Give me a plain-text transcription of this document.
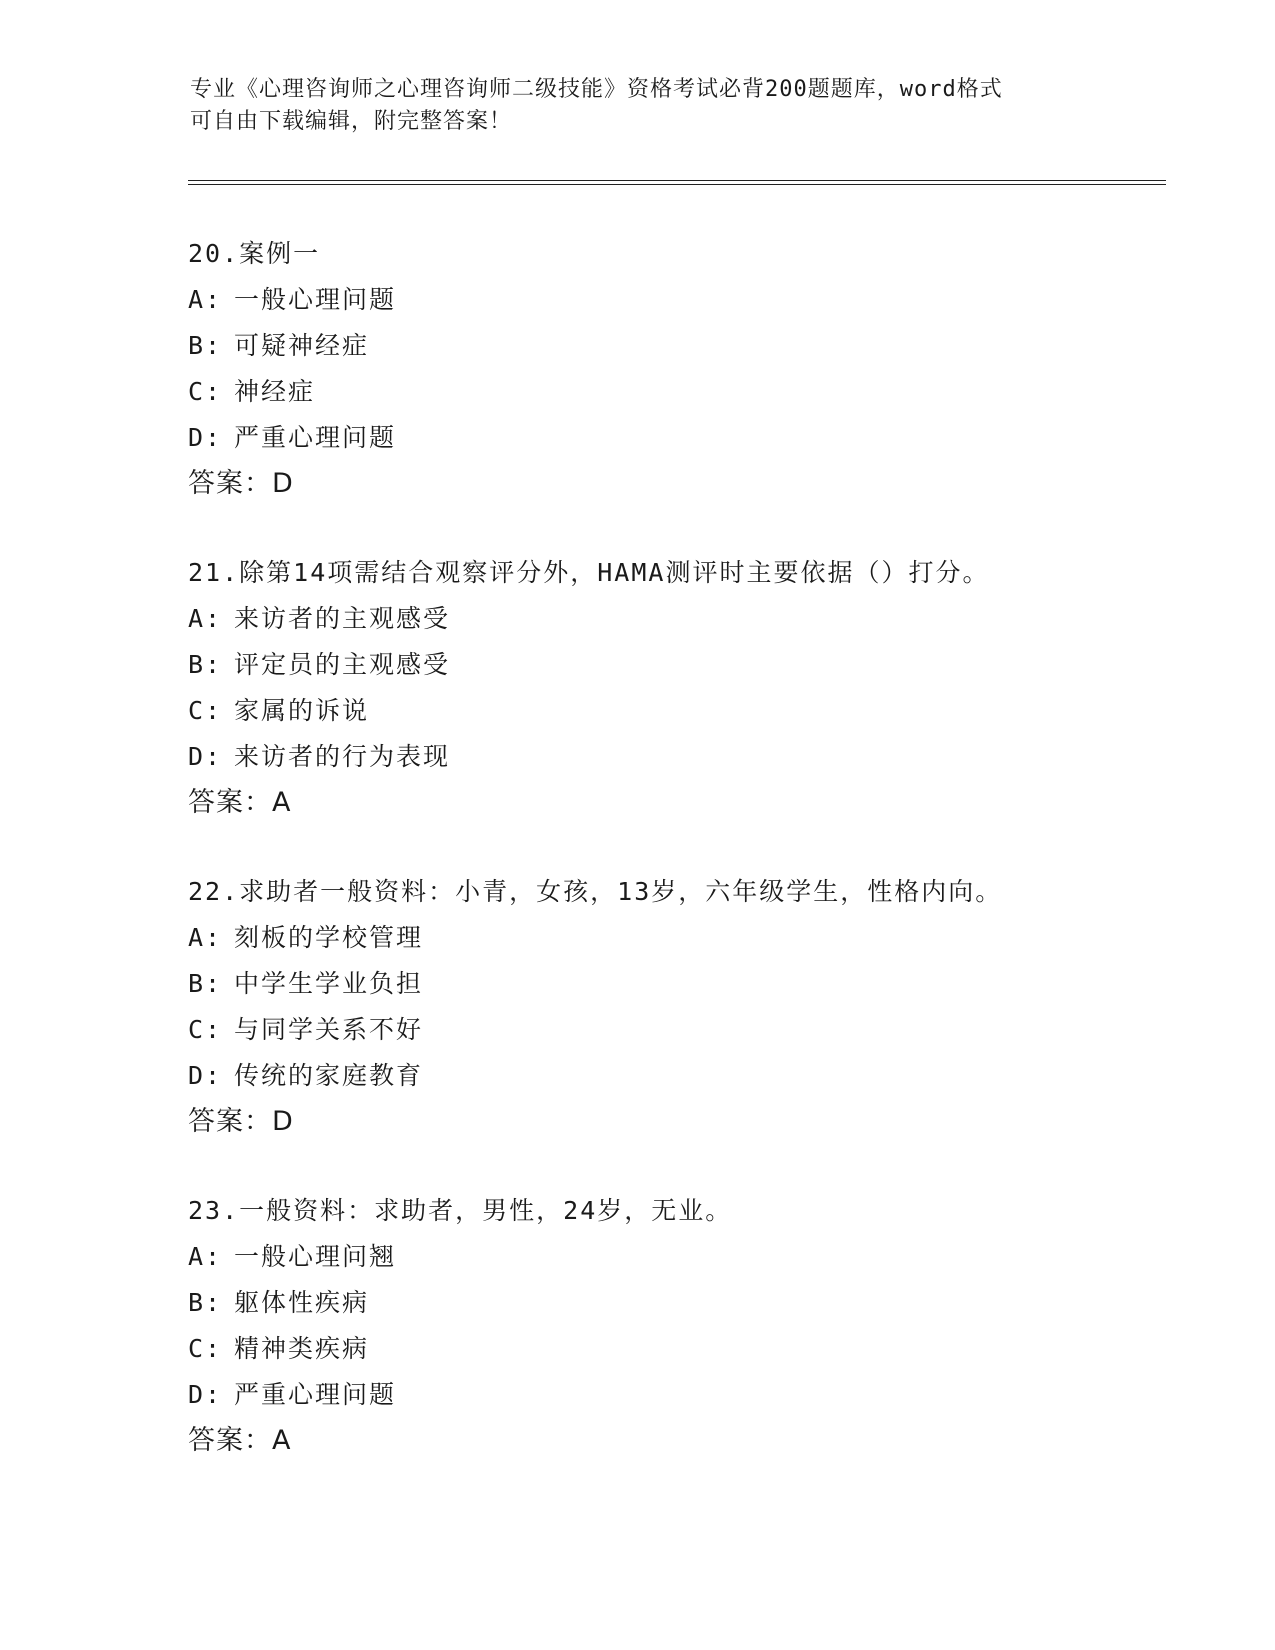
专业《心理咨询师之心理咨询师二级技能》资格考试必背200题题库，word格式
可自由下载编辑，附完整答案！
20.案例一
A: 一般心理问题
B: 可疑神经症
C: 神经症
D: 严重心理问题
答案：D
21.除第14项需结合观察评分外，HAMA测评时主要依据（）打分。
A: 来访者的主观感受
B: 评定员的主观感受
C: 家属的诉说
D: 来访者的行为表现
答案：A
22.求助者一般资料：小青，女孩，13岁，六年级学生，性格内向。
A: 刻板的学校管理
B: 中学生学业负担
C: 与同学关系不好
D: 传统的家庭教育
答案：D
23.一般资料：求助者，男性，24岁，无业。
A: 一般心理问翘
B: 躯体性疾病
C: 精神类疾病
D: 严重心理问题
答案：A
